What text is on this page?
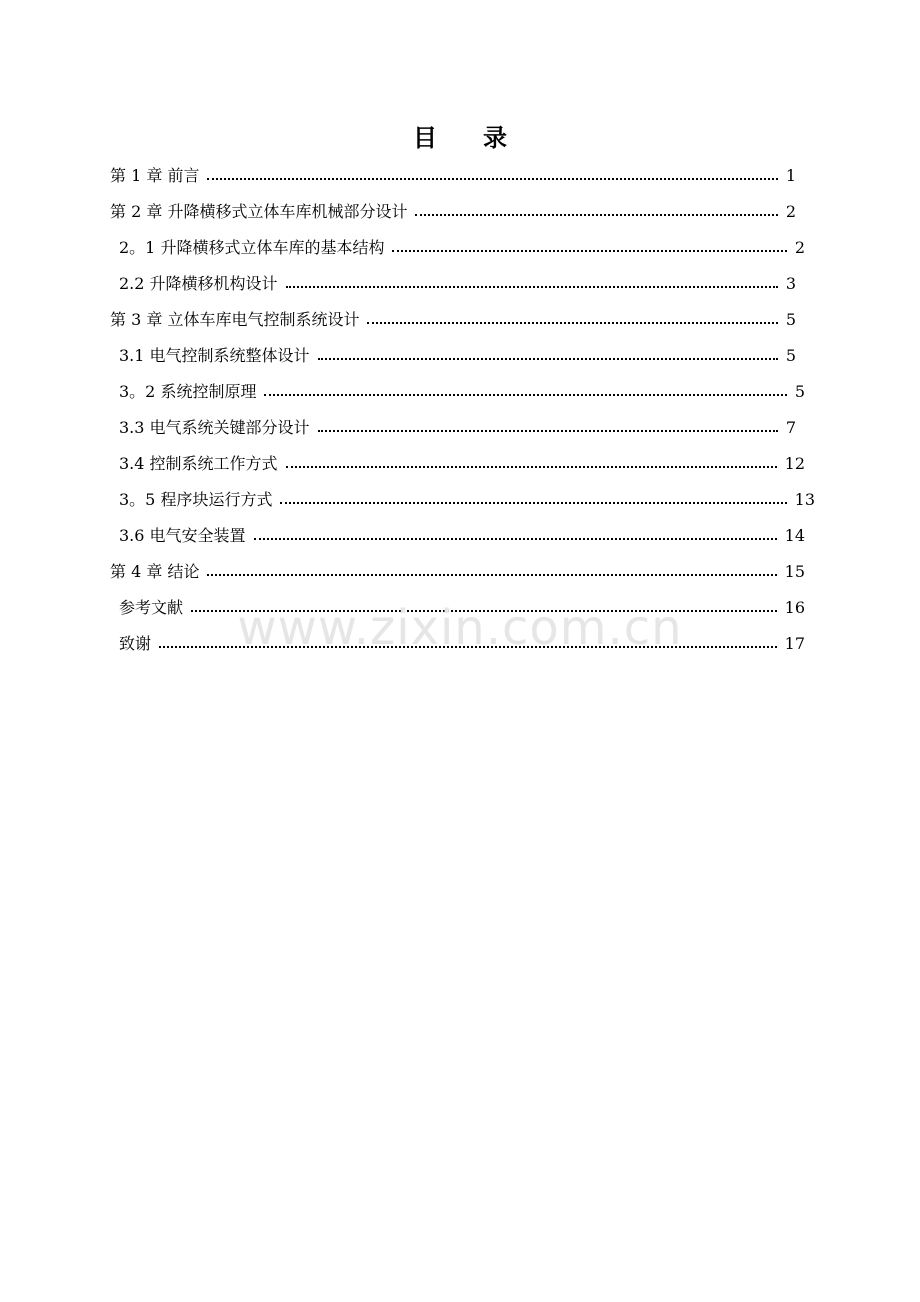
目 录
第 1 章 前言	1
第 2 章 升降横移式立体车库机械部分设计	2
2。1 升降横移式立体车库的基本结构	2
2.2 升降横移机构设计	3
第 3 章 立体车库电气控制系统设计	5
3.1 电气控制系统整体设计	5
3。2 系统控制原理	5
3.3 电气系统关键部分设计	7
3.4 控制系统工作方式	12
3。5 程序块运行方式	13
3.6 电气安全装置	14
第 4 章 结论	15
参考文献	16
致谢	17
www.zixin.com.cn
